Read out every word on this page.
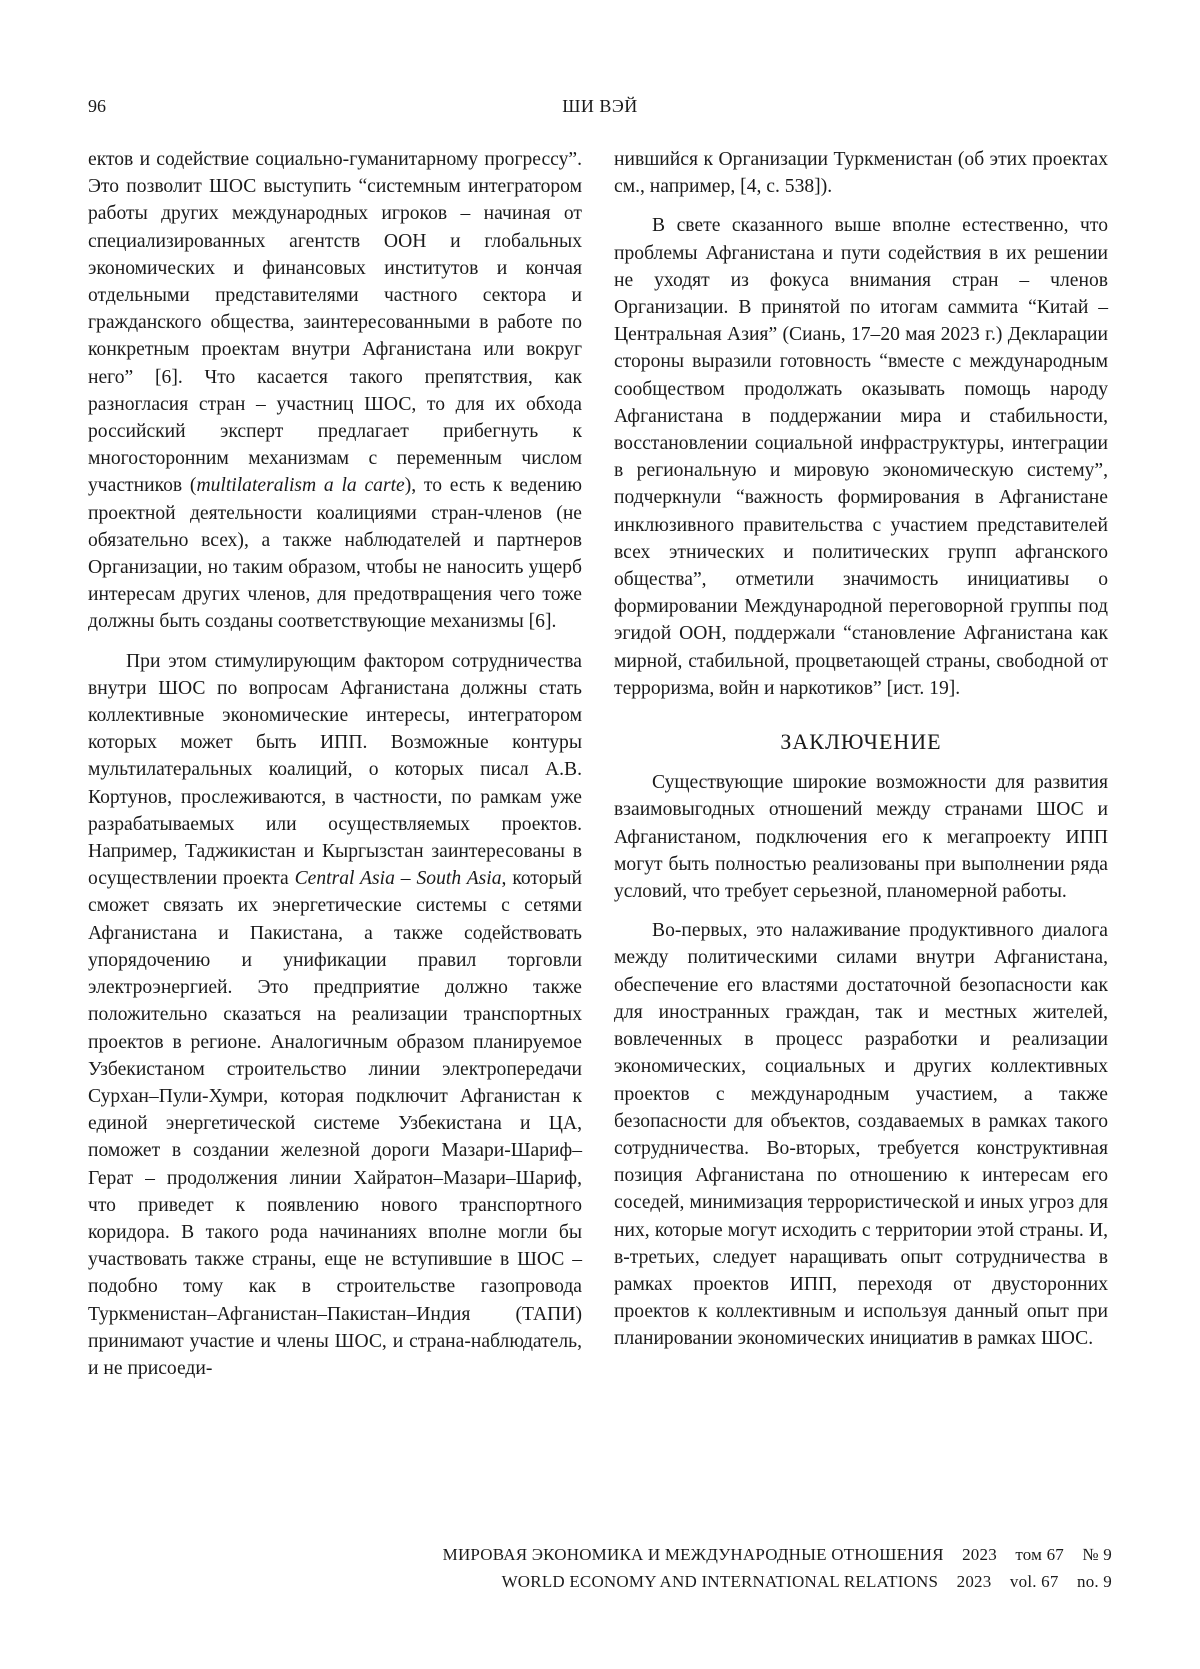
96	ШИ ВЭЙ

ектов и содействие социально-гуманитарному прогрессу”. Это позволит ШОС выступить “системным интегратором работы других международных игроков – начиная от специализированных агентств ООН и глобальных экономических и финансовых институтов и кончая отдельными представителями частного сектора и гражданского общества, заинтересованными в работе по конкретным проектам внутри Афганистана или вокруг него” [6]. Что касается такого препятствия, как разногласия стран – участниц ШОС, то для их обхода российский эксперт предлагает прибегнуть к многосторонним механизмам с переменным числом участников (multilateralism a la carte), то есть к ведению проектной деятельности коалициями стран-членов (не обязательно всех), а также наблюдателей и партнеров Организации, но таким образом, чтобы не наносить ущерб интересам других членов, для предотвращения чего тоже должны быть созданы соответствующие механизмы [6].

При этом стимулирующим фактором сотрудничества внутри ШОС по вопросам Афганистана должны стать коллективные экономические интересы, интегратором которых может быть ИПП. Возможные контуры мультилатеральных коалиций, о которых писал А.В. Кортунов, прослеживаются, в частности, по рамкам уже разрабатываемых или осуществляемых проектов. Например, Таджикистан и Кыргызстан заинтересованы в осуществлении проекта Central Asia – South Asia, который сможет связать их энергетические системы с сетями Афганистана и Пакистана, а также содействовать упорядочению и унификации правил торговли электроэнергией. Это предприятие должно также положительно сказаться на реализации транспортных проектов в регионе. Аналогичным образом планируемое Узбекистаном строительство линии электропередачи Сурхан–Пули-Хумри, которая подключит Афганистан к единой энергетической системе Узбекистана и ЦА, поможет в создании железной дороги Мазари-Шариф–Герат – продолжения линии Хайратон–Мазари–Шариф, что приведет к появлению нового транспортного коридора. В такого рода начинаниях вполне могли бы участвовать также страны, еще не вступившие в ШОС – подобно тому как в строительстве газопровода Туркменистан–Афганистан–Пакистан–Индия (ТАПИ) принимают участие и члены ШОС, и страна-наблюдатель, и не присоеди-

нившийся к Организации Туркменистан (об этих проектах см., например, [4, с. 538]).

В свете сказанного выше вполне естественно, что проблемы Афганистана и пути содействия в их решении не уходят из фокуса внимания стран – членов Организации. В принятой по итогам саммита “Китай – Центральная Азия” (Сиань, 17–20 мая 2023 г.) Декларации стороны выразили готовность “вместе с международным сообществом продолжать оказывать помощь народу Афганистана в поддержании мира и стабильности, восстановлении социальной инфраструктуры, интеграции в региональную и мировую экономическую систему”, подчеркнули “важность формирования в Афганистане инклюзивного правительства с участием представителей всех этнических и политических групп афганского общества”, отметили значимость инициативы о формировании Международной переговорной группы под эгидой ООН, поддержали “становление Афганистана как мирной, стабильной, процветающей страны, свободной от терроризма, войн и наркотиков” [ист. 19].

ЗАКЛЮЧЕНИЕ

Существующие широкие возможности для развития взаимовыгодных отношений между странами ШОС и Афганистаном, подключения его к мегапроекту ИПП могут быть полностью реализованы при выполнении ряда условий, что требует серьезной, планомерной работы.

Во-первых, это налаживание продуктивного диалога между политическими силами внутри Афганистана, обеспечение его властями достаточной безопасности как для иностранных граждан, так и местных жителей, вовлеченных в процесс разработки и реализации экономических, социальных и других коллективных проектов с международным участием, а также безопасности для объектов, создаваемых в рамках такого сотрудничества. Во-вторых, требуется конструктивная позиция Афганистана по отношению к интересам его соседей, минимизация террористической и иных угроз для них, которые могут исходить с территории этой страны. И, в-третьих, следует наращивать опыт сотрудничества в рамках проектов ИПП, переходя от двусторонних проектов к коллективным и используя данный опыт при планировании экономических инициатив в рамках ШОС.

МИРОВАЯ ЭКОНОМИКА И МЕЖДУНАРОДНЫЕ ОТНОШЕНИЯ 2023 том 67 № 9
WORLD ECONOMY AND INTERNATIONAL RELATIONS 2023 vol. 67 no. 9
